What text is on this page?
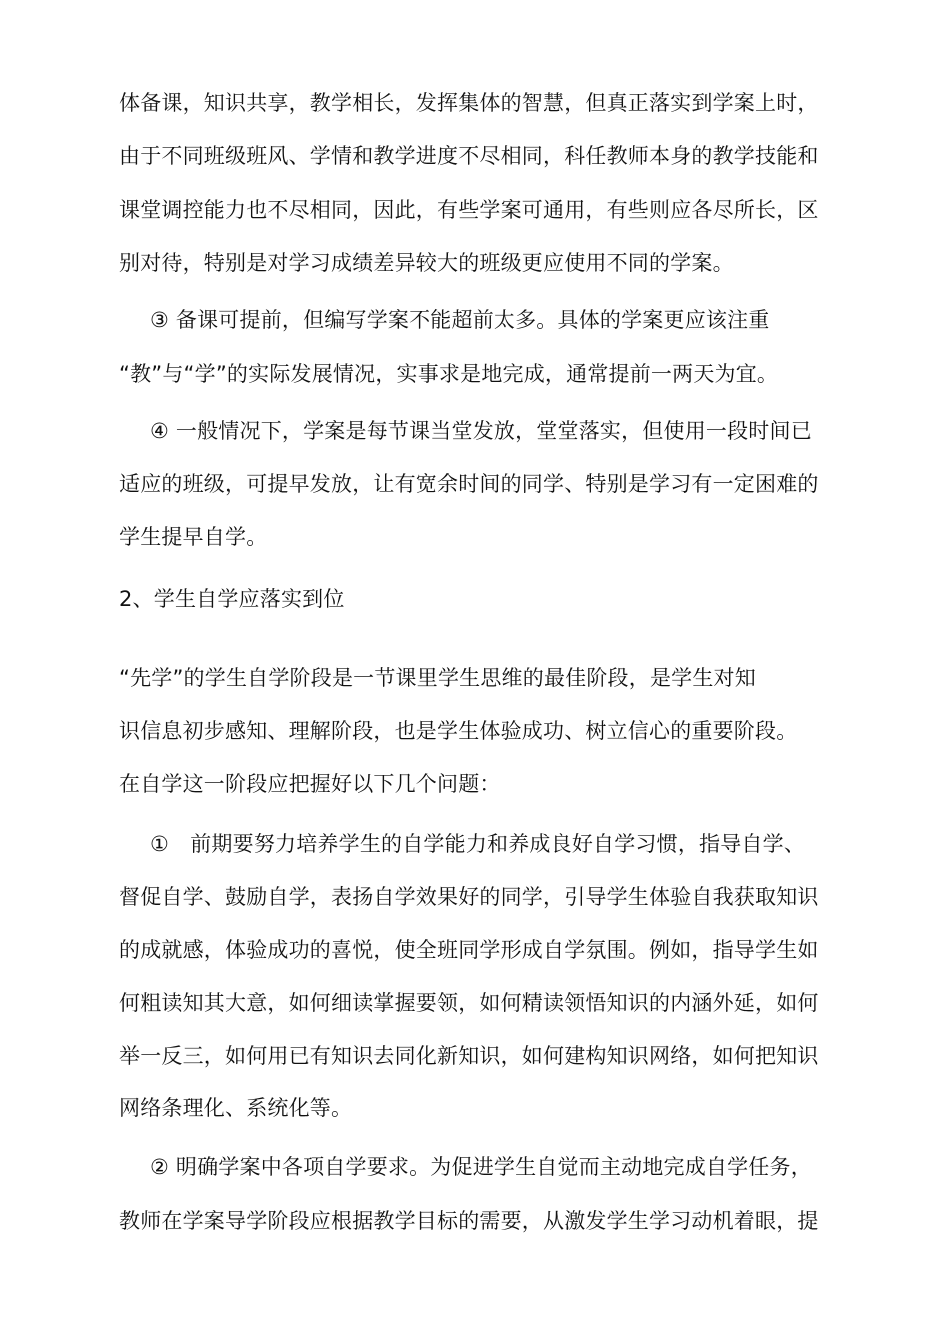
体备课，知识共享，教学相长，发挥集体的智慧，但真正落实到学案上时，
由于不同班级班风、学情和教学进度不尽相同，科任教师本身的教学技能和
课堂调控能力也不尽相同，因此，有些学案可通用，有些则应各尽所长，区
别对待，特别是对学习成绩差异较大的班级更应使用不同的学案。
③ 备课可提前，但编写学案不能超前太多。具体的学案更应该注重
“教”与“学”的实际发展情况，实事求是地完成，通常提前一两天为宜。
④ 一般情况下，学案是每节课当堂发放，堂堂落实，但使用一段时间已
适应的班级，可提早发放，让有宽余时间的同学、特别是学习有一定困难的
学生提早自学。
2、学生自学应落实到位
“先学”的学生自学阶段是一节课里学生思维的最佳阶段，是学生对知
识信息初步感知、理解阶段，也是学生体验成功、树立信心的重要阶段。
在自学这一阶段应把握好以下几个问题：
①　前期要努力培养学生的自学能力和养成良好自学习惯，指导自学、
督促自学、鼓励自学，表扬自学效果好的同学，引导学生体验自我获取知识
的成就感，体验成功的喜悦，使全班同学形成自学氛围。例如，指导学生如
何粗读知其大意，如何细读掌握要领，如何精读领悟知识的内涵外延，如何
举一反三，如何用已有知识去同化新知识，如何建构知识网络，如何把知识
网络条理化、系统化等。
② 明确学案中各项自学要求。为促进学生自觉而主动地完成自学任务，
教师在学案导学阶段应根据教学目标的需要，从激发学生学习动机着眼，提
